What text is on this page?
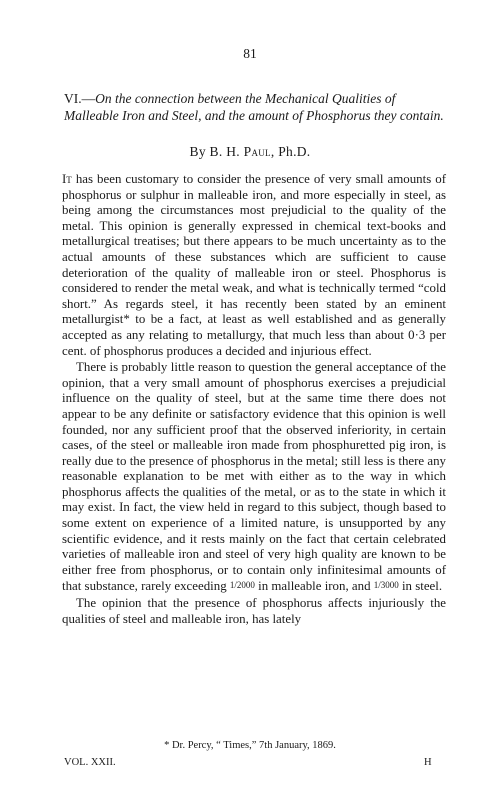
81

VI.—On the connection between the Mechanical Qualities of Malleable Iron and Steel, and the amount of Phosphorus they contain.

By B. H. Paul, Ph.D.

It has been customary to consider the presence of very small amounts of phosphorus or sulphur in malleable iron, and more especially in steel, as being among the circumstances most prejudicial to the quality of the metal. This opinion is generally expressed in chemical text-books and metallurgical treatises; but there appears to be much uncertainty as to the actual amounts of these substances which are sufficient to cause deterioration of the quality of malleable iron or steel. Phosphorus is considered to render the metal weak, and what is technically termed “cold short.” As regards steel, it has recently been stated by an eminent metallurgist* to be a fact, at least as well established and as generally accepted as any relating to metallurgy, that much less than about 0·3 per cent. of phosphorus produces a decided and injurious effect.

There is probably little reason to question the general acceptance of the opinion, that a very small amount of phosphorus exercises a prejudicial influence on the quality of steel, but at the same time there does not appear to be any definite or satisfactory evidence that this opinion is well founded, nor any sufficient proof that the observed inferiority, in certain cases, of the steel or malleable iron made from phosphuretted pig iron, is really due to the presence of phosphorus in the metal; still less is there any reasonable explanation to be met with either as to the way in which phosphorus affects the qualities of the metal, or as to the state in which it may exist. In fact, the view held in regard to this subject, though based to some extent on experience of a limited nature, is unsupported by any scientific evidence, and it rests mainly on the fact that certain celebrated varieties of malleable iron and steel of very high quality are known to be either free from phosphorus, or to contain only infinitesimal amounts of that substance, rarely exceeding 1/2000 in malleable iron, and 1/3000 in steel.

The opinion that the presence of phosphorus affects injuriously the qualities of steel and malleable iron, has lately

* Dr. Percy, “ Times,” 7th January, 1869.
VOL. XXII.	H
